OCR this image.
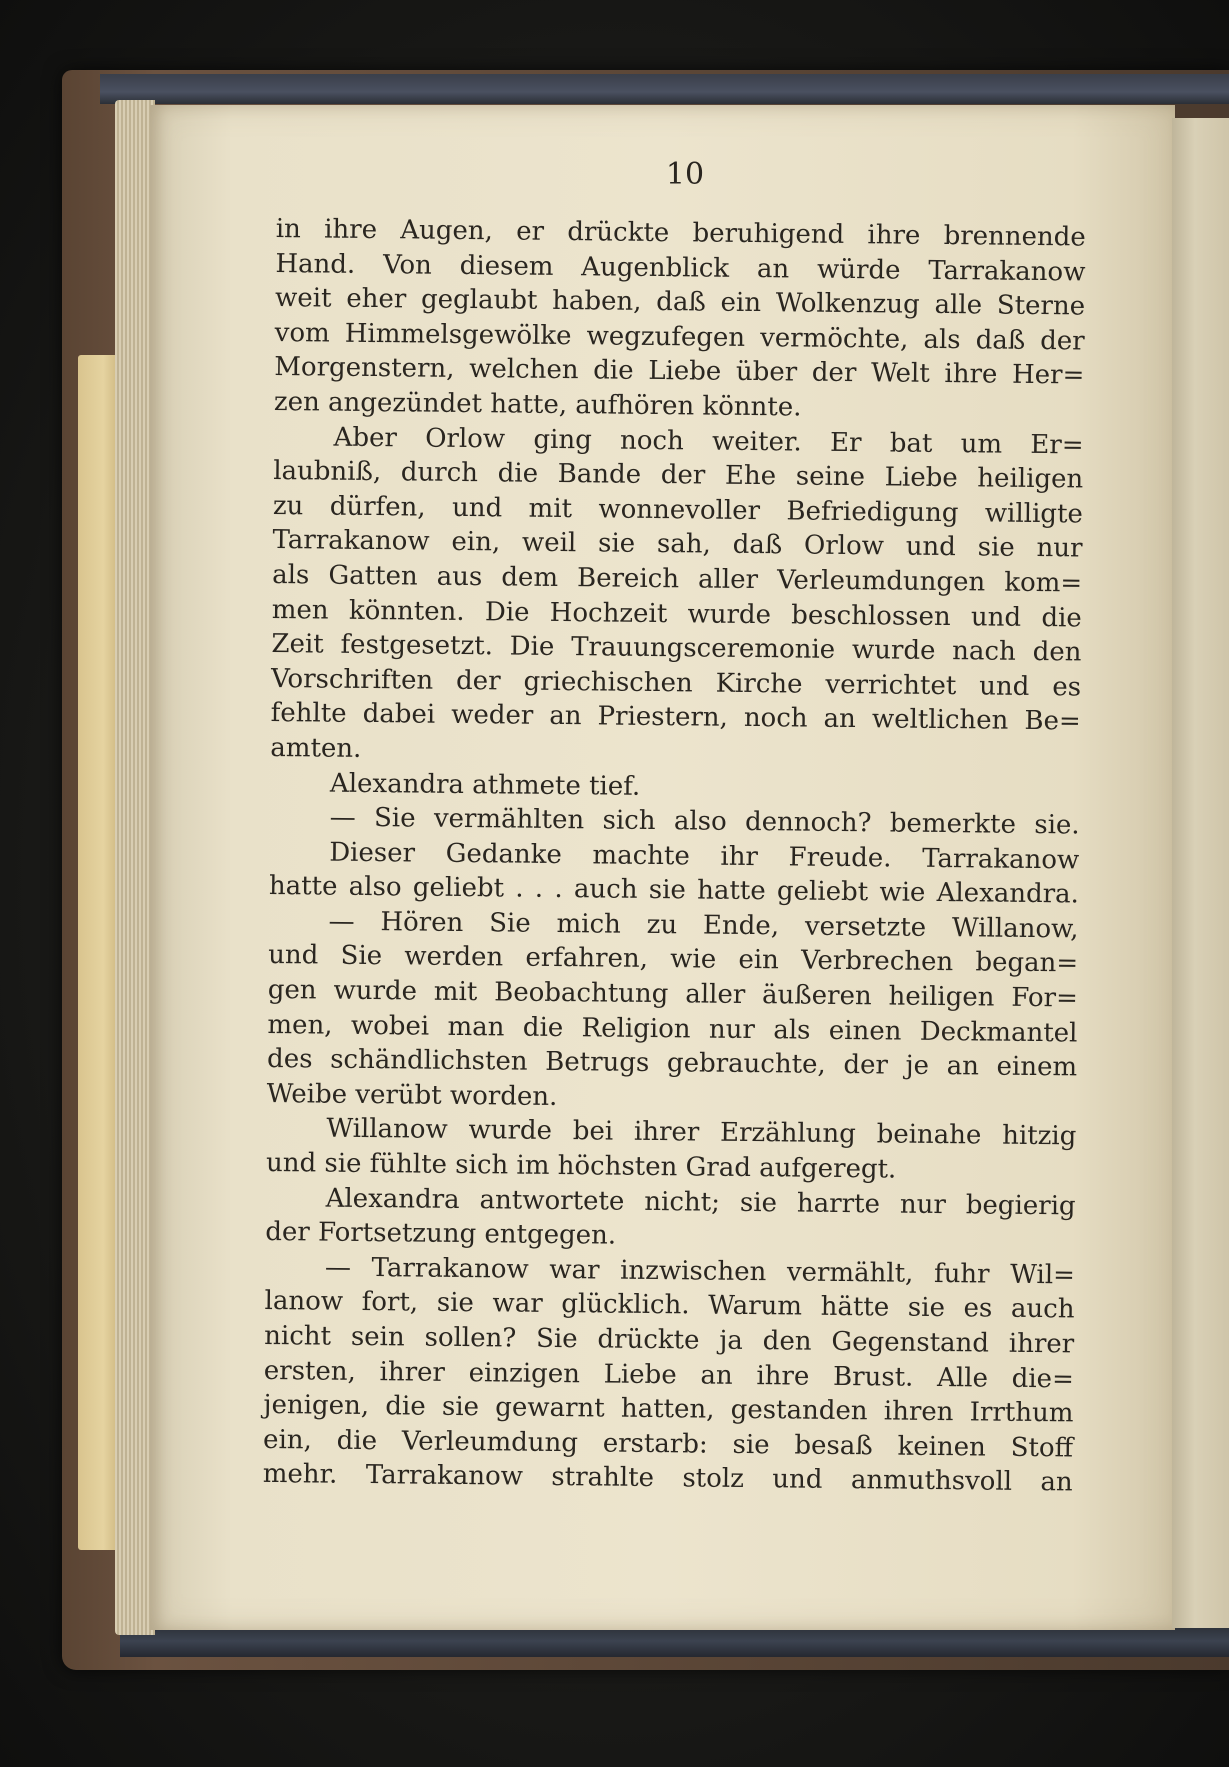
10
in ihre Augen, er drückte beruhigend ihre brennende
Hand. Von diesem Augenblick an würde Tarrakanow
weit eher geglaubt haben, daß ein Wolkenzug alle Sterne
vom Himmelsgewölke wegzufegen vermöchte, als daß der
Morgenstern, welchen die Liebe über der Welt ihre Her=
zen angezündet hatte, aufhören könnte.
Aber Orlow ging noch weiter. Er bat um Er=
laubniß, durch die Bande der Ehe seine Liebe heiligen
zu dürfen, und mit wonnevoller Befriedigung willigte
Tarrakanow ein, weil sie sah, daß Orlow und sie nur
als Gatten aus dem Bereich aller Verleumdungen kom=
men könnten. Die Hochzeit wurde beschlossen und die
Zeit festgesetzt. Die Trauungsceremonie wurde nach den
Vorschriften der griechischen Kirche verrichtet und es
fehlte dabei weder an Priestern, noch an weltlichen Be=
amten.
Alexandra athmete tief.
— Sie vermählten sich also dennoch? bemerkte sie.
Dieser Gedanke machte ihr Freude. Tarrakanow
hatte also geliebt . . . auch sie hatte geliebt wie Alexandra.
— Hören Sie mich zu Ende, versetzte Willanow,
und Sie werden erfahren, wie ein Verbrechen began=
gen wurde mit Beobachtung aller äußeren heiligen For=
men, wobei man die Religion nur als einen Deckmantel
des schändlichsten Betrugs gebrauchte, der je an einem
Weibe verübt worden.
Willanow wurde bei ihrer Erzählung beinahe hitzig
und sie fühlte sich im höchsten Grad aufgeregt.
Alexandra antwortete nicht; sie harrte nur begierig
der Fortsetzung entgegen.
— Tarrakanow war inzwischen vermählt, fuhr Wil=
lanow fort, sie war glücklich. Warum hätte sie es auch
nicht sein sollen? Sie drückte ja den Gegenstand ihrer
ersten, ihrer einzigen Liebe an ihre Brust. Alle die=
jenigen, die sie gewarnt hatten, gestanden ihren Irrthum
ein, die Verleumdung erstarb: sie besaß keinen Stoff
mehr. Tarrakanow strahlte stolz und anmuthsvoll an
